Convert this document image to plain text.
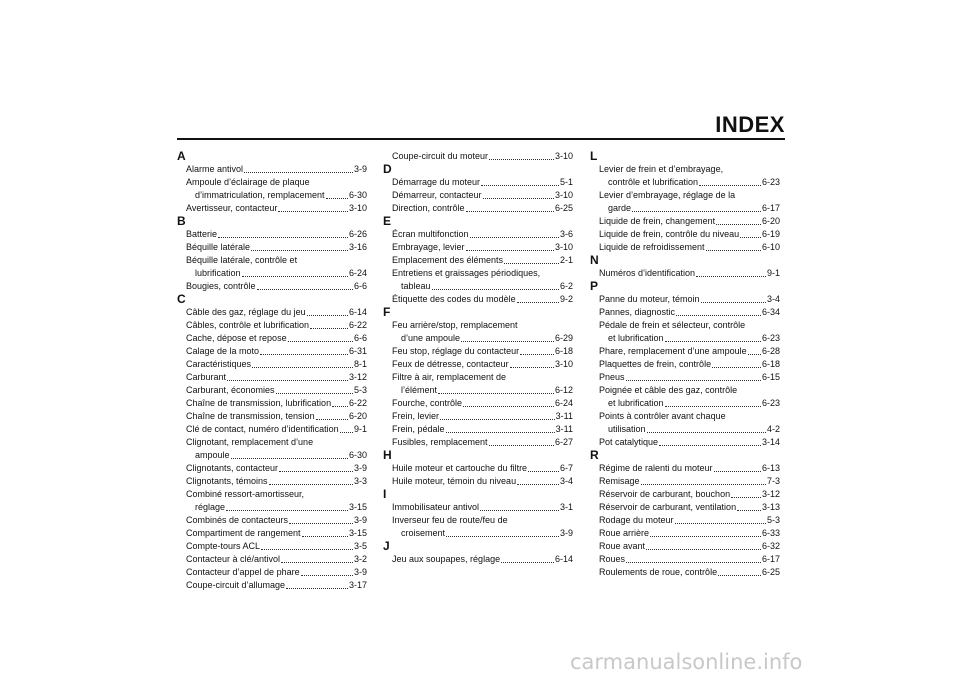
INDEX
A
Alarme antivol	3-9
Ampoule d’éclairage de plaque
d’immatriculation, remplacement	6-30
Avertisseur, contacteur	3-10
B
Batterie	6-26
Béquille latérale	3-16
Béquille latérale, contrôle et
lubrification	6-24
Bougies, contrôle	6-6
C
Câble des gaz, réglage du jeu	6-14
Câbles, contrôle et lubrification	6-22
Cache, dépose et repose	6-6
Calage de la moto	6-31
Caractéristiques	8-1
Carburant	3-12
Carburant, économies	5-3
Chaîne de transmission, lubrification 6-22
Chaîne de transmission, tension	6-20
Clé de contact, numéro d’identification 9-1
Clignotant, remplacement d’une
ampoule	6-30
Clignotants, contacteur	3-9
Clignotants, témoins	3-3
Combiné ressort-amortisseur,
réglage	3-15
Combinés de contacteurs	3-9
Compartiment de rangement	3-15
Compte-tours ACL	3-5
Contacteur à clé/antivol	3-2
Contacteur d’appel de phare	3-9
Coupe-circuit d’allumage	3-17
Coupe-circuit du moteur	3-10
D
Démarrage du moteur	5-1
Démarreur, contacteur	3-10
Direction, contrôle	6-25
E
Écran multifonction	3-6
Embrayage, levier	3-10
Emplacement des éléments	2-1
Entretiens et graissages périodiques,
tableau	6-2
Étiquette des codes du modèle	9-2
F
Feu arrière/stop, remplacement
d’une ampoule	6-29
Feu stop, réglage du contacteur	6-18
Feux de détresse, contacteur	3-10
Filtre à air, remplacement de
l’élément	6-12
Fourche, contrôle	6-24
Frein, levier	3-11
Frein, pédale	3-11
Fusibles, remplacement	6-27
H
Huile moteur et cartouche du filtre	6-7
Huile moteur, témoin du niveau	3-4
I
Immobilisateur antivol	3-1
Inverseur feu de route/feu de
croisement	3-9
J
Jeu aux soupapes, réglage	6-14
L
Levier de frein et d’embrayage,
contrôle et lubrification	6-23
Levier d’embrayage, réglage de la
garde	6-17
Liquide de frein, changement	6-20
Liquide de frein, contrôle du niveau	6-19
Liquide de refroidissement	6-10
N
Numéros d’identification	9-1
P
Panne du moteur, témoin	3-4
Pannes, diagnostic	6-34
Pédale de frein et sélecteur, contrôle
et lubrification	6-23
Phare, remplacement d’une ampoule 6-28
Plaquettes de frein, contrôle	6-18
Pneus	6-15
Poignée et câble des gaz, contrôle
et lubrification	6-23
Points à contrôler avant chaque
utilisation	4-2
Pot catalytique	3-14
R
Régime de ralenti du moteur	6-13
Remisage	7-3
Réservoir de carburant, bouchon	3-12
Réservoir de carburant, ventilation	3-13
Rodage du moteur	5-3
Roue arrière	6-33
Roue avant	6-32
Roues	6-17
Roulements de roue, contrôle	6-25
carmanualsonline.info
